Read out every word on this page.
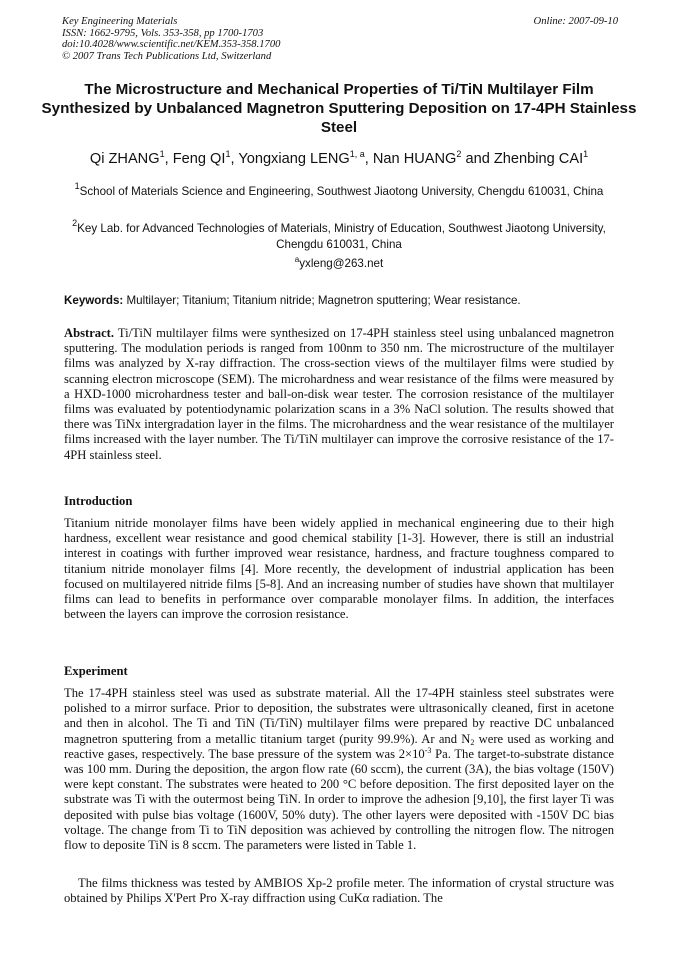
Key Engineering Materials
ISSN: 1662-9795, Vols. 353-358, pp 1700-1703
doi:10.4028/www.scientific.net/KEM.353-358.1700
© 2007 Trans Tech Publications Ltd, Switzerland
Online: 2007-09-10
The Microstructure and Mechanical Properties of Ti/TiN Multilayer Film Synthesized by Unbalanced Magnetron Sputtering Deposition on 17-4PH Stainless Steel
Qi ZHANG$^1$, Feng $QI^1$, Yongxiang LENG$^{1, a}$, Nan HUANG$^2$ and Zhenbing CAI$^1$
$^1$School of Materials Science and Engineering, Southwest Jiaotong University, Chengdu 610031, China
$^2$Key Lab. for Advanced Technologies of Materials, Ministry of Education, Southwest Jiaotong University, Chengdu 610031, China
$^a$yxleng@263.net
Keywords: Multilayer; Titanium; Titanium nitride; Magnetron sputtering; Wear resistance.
Abstract. Ti/TiN multilayer films were synthesized on 17-4PH stainless steel using unbalanced magnetron sputtering. The modulation periods is ranged from 100nm to 350 nm. The microstructure of the multilayer films was analyzed by X-ray diffraction. The cross-section views of the multilayer films were studied by scanning electron microscope (SEM). The microhardness and wear resistance of the films were measured by a HXD-1000 microhardness tester and ball-on-disk wear tester. The corrosion resistance of the multilayer films was evaluated by potentiodynamic polarization scans in a 3% NaCl solution. The results showed that there was TiNx intergradation layer in the films. The microhardness and the wear resistance of the multilayer films increased with the layer number. The Ti/TiN multilayer can improve the corrosive resistance of the 17-4PH stainless steel.
Introduction
Titanium nitride monolayer films have been widely applied in mechanical engineering due to their high hardness, excellent wear resistance and good chemical stability [1-3]. However, there is still an industrial interest in coatings with further improved wear resistance, hardness, and fracture toughness compared to titanium nitride monolayer films [4]. More recently, the development of industrial application has been focused on multilayered nitride films [5-8]. And an increasing number of studies have shown that multilayer films can lead to benefits in performance over comparable monolayer films. In addition, the interfaces between the layers can improve the corrosion resistance.
Experiment
The 17-4PH stainless steel was used as substrate material. All the 17-4PH stainless steel substrates were polished to a mirror surface. Prior to deposition, the substrates were ultrasonically cleaned, first in acetone and then in alcohol. The Ti and TiN (Ti/TiN) multilayer films were prepared by reactive DC unbalanced magnetron sputtering from a metallic titanium target (purity 99.9%). Ar and $N_2$ were used as working and reactive gases, respectively. The base pressure of the system was $2\times 10^{-3}$ Pa. The target-to-substrate distance was 100 mm. During the deposition, the argon flow rate (60 sccm), the current (3A), the bias voltage (150V) were kept constant. The substrates were heated to 200 °C before deposition. The first deposited layer on the substrate was Ti with the outermost being TiN. In order to improve the adhesion [9,10], the first layer Ti was deposited with pulse bias voltage (1600V, 50% duty). The other layers were deposited with -150V DC bias voltage. The change from Ti to TiN deposition was achieved by controlling the nitrogen flow. The nitrogen flow to deposite TiN is 8 sccm. The parameters were listed in Table 1.
The films thickness was tested by AMBIOS Xp-2 profile meter. The information of crystal structure was obtained by Philips X'Pert Pro X-ray diffraction using CuKα radiation. The
